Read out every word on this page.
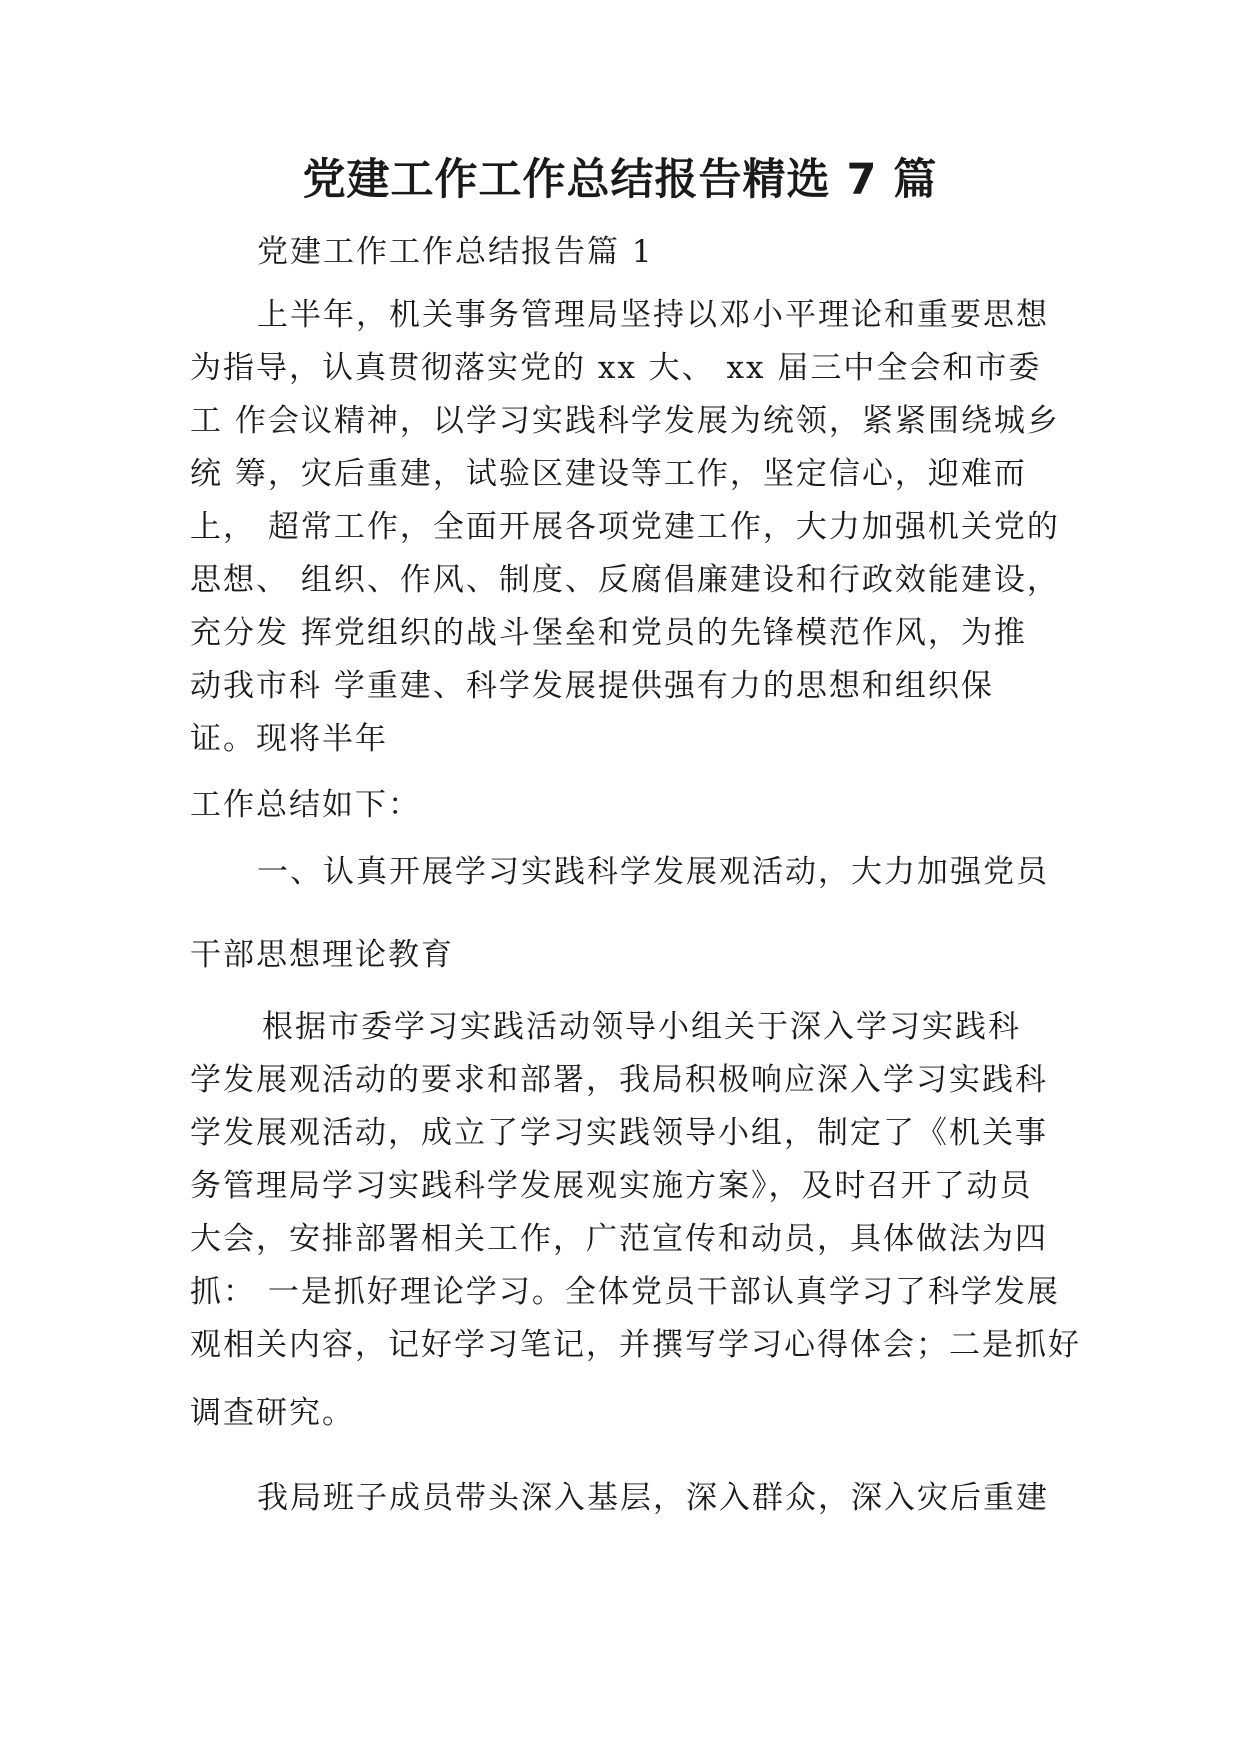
党建工作工作总结报告精选 7 篇

党建工作工作总结报告篇 1

上半年，机关事务管理局坚持以邓小平理论和重要思想

为指导，认真贯彻落实党的 xx 大、 xx 届三中全会和市委

工 作会议精神，以学习实践科学发展为统领，紧紧围绕城乡

统 筹，灾后重建，试验区建设等工作，坚定信心，迎难而

上， 超常工作，全面开展各项党建工作，大力加强机关党的

思想、 组织、作风、制度、反腐倡廉建设和行政效能建设，

充分发 挥党组织的战斗堡垒和党员的先锋模范作风，为推

动我市科 学重建、科学发展提供强有力的思想和组织保

证。现将半年

工作总结如下：

一、认真开展学习实践科学发展观活动，大力加强党员

干部思想理论教育

根据市委学习实践活动领导小组关于深入学习实践科

学发展观活动的要求和部署，我局积极响应深入学习实践科

学发展观活动，成立了学习实践领导小组，制定了《机关事

务管理局学习实践科学发展观实施方案》，及时召开了动员

大会，安排部署相关工作，广范宣传和动员，具体做法为四

抓： 一是抓好理论学习。全体党员干部认真学习了科学发展

观相关内容，记好学习笔记，并撰写学习心得体会；二是抓好

调查研究。

我局班子成员带头深入基层，深入群众，深入灾后重建
